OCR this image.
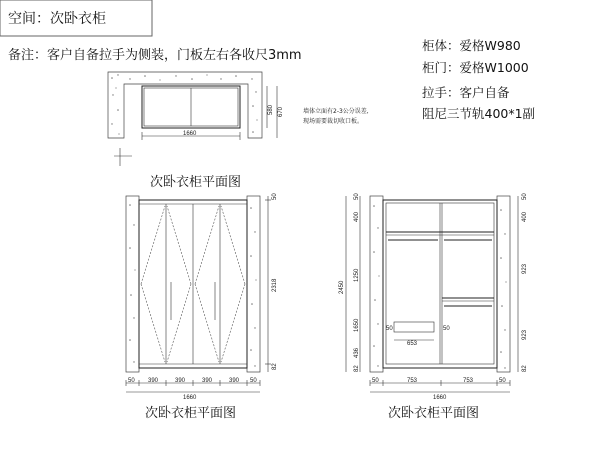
空间：次卧衣柜
备注：客户自备拉手为侧装，门板左右各收尺3mm
柜体：爱格W980
柜门：爱格W1000
拉手：客户自备
阻尼三节轨400*1副
1660
580 670	墙体立面有2-3公分误差,
现场需要裁切收口板。
次卧衣柜平面图
50
2318
82
50 390	390	390	390 50
1660
次卧衣柜平面图
653
50	50
2450
50
400
1250
1650
436
82
50
400
923
923
82
50	753	753	50
1660
次卧衣柜平面图
